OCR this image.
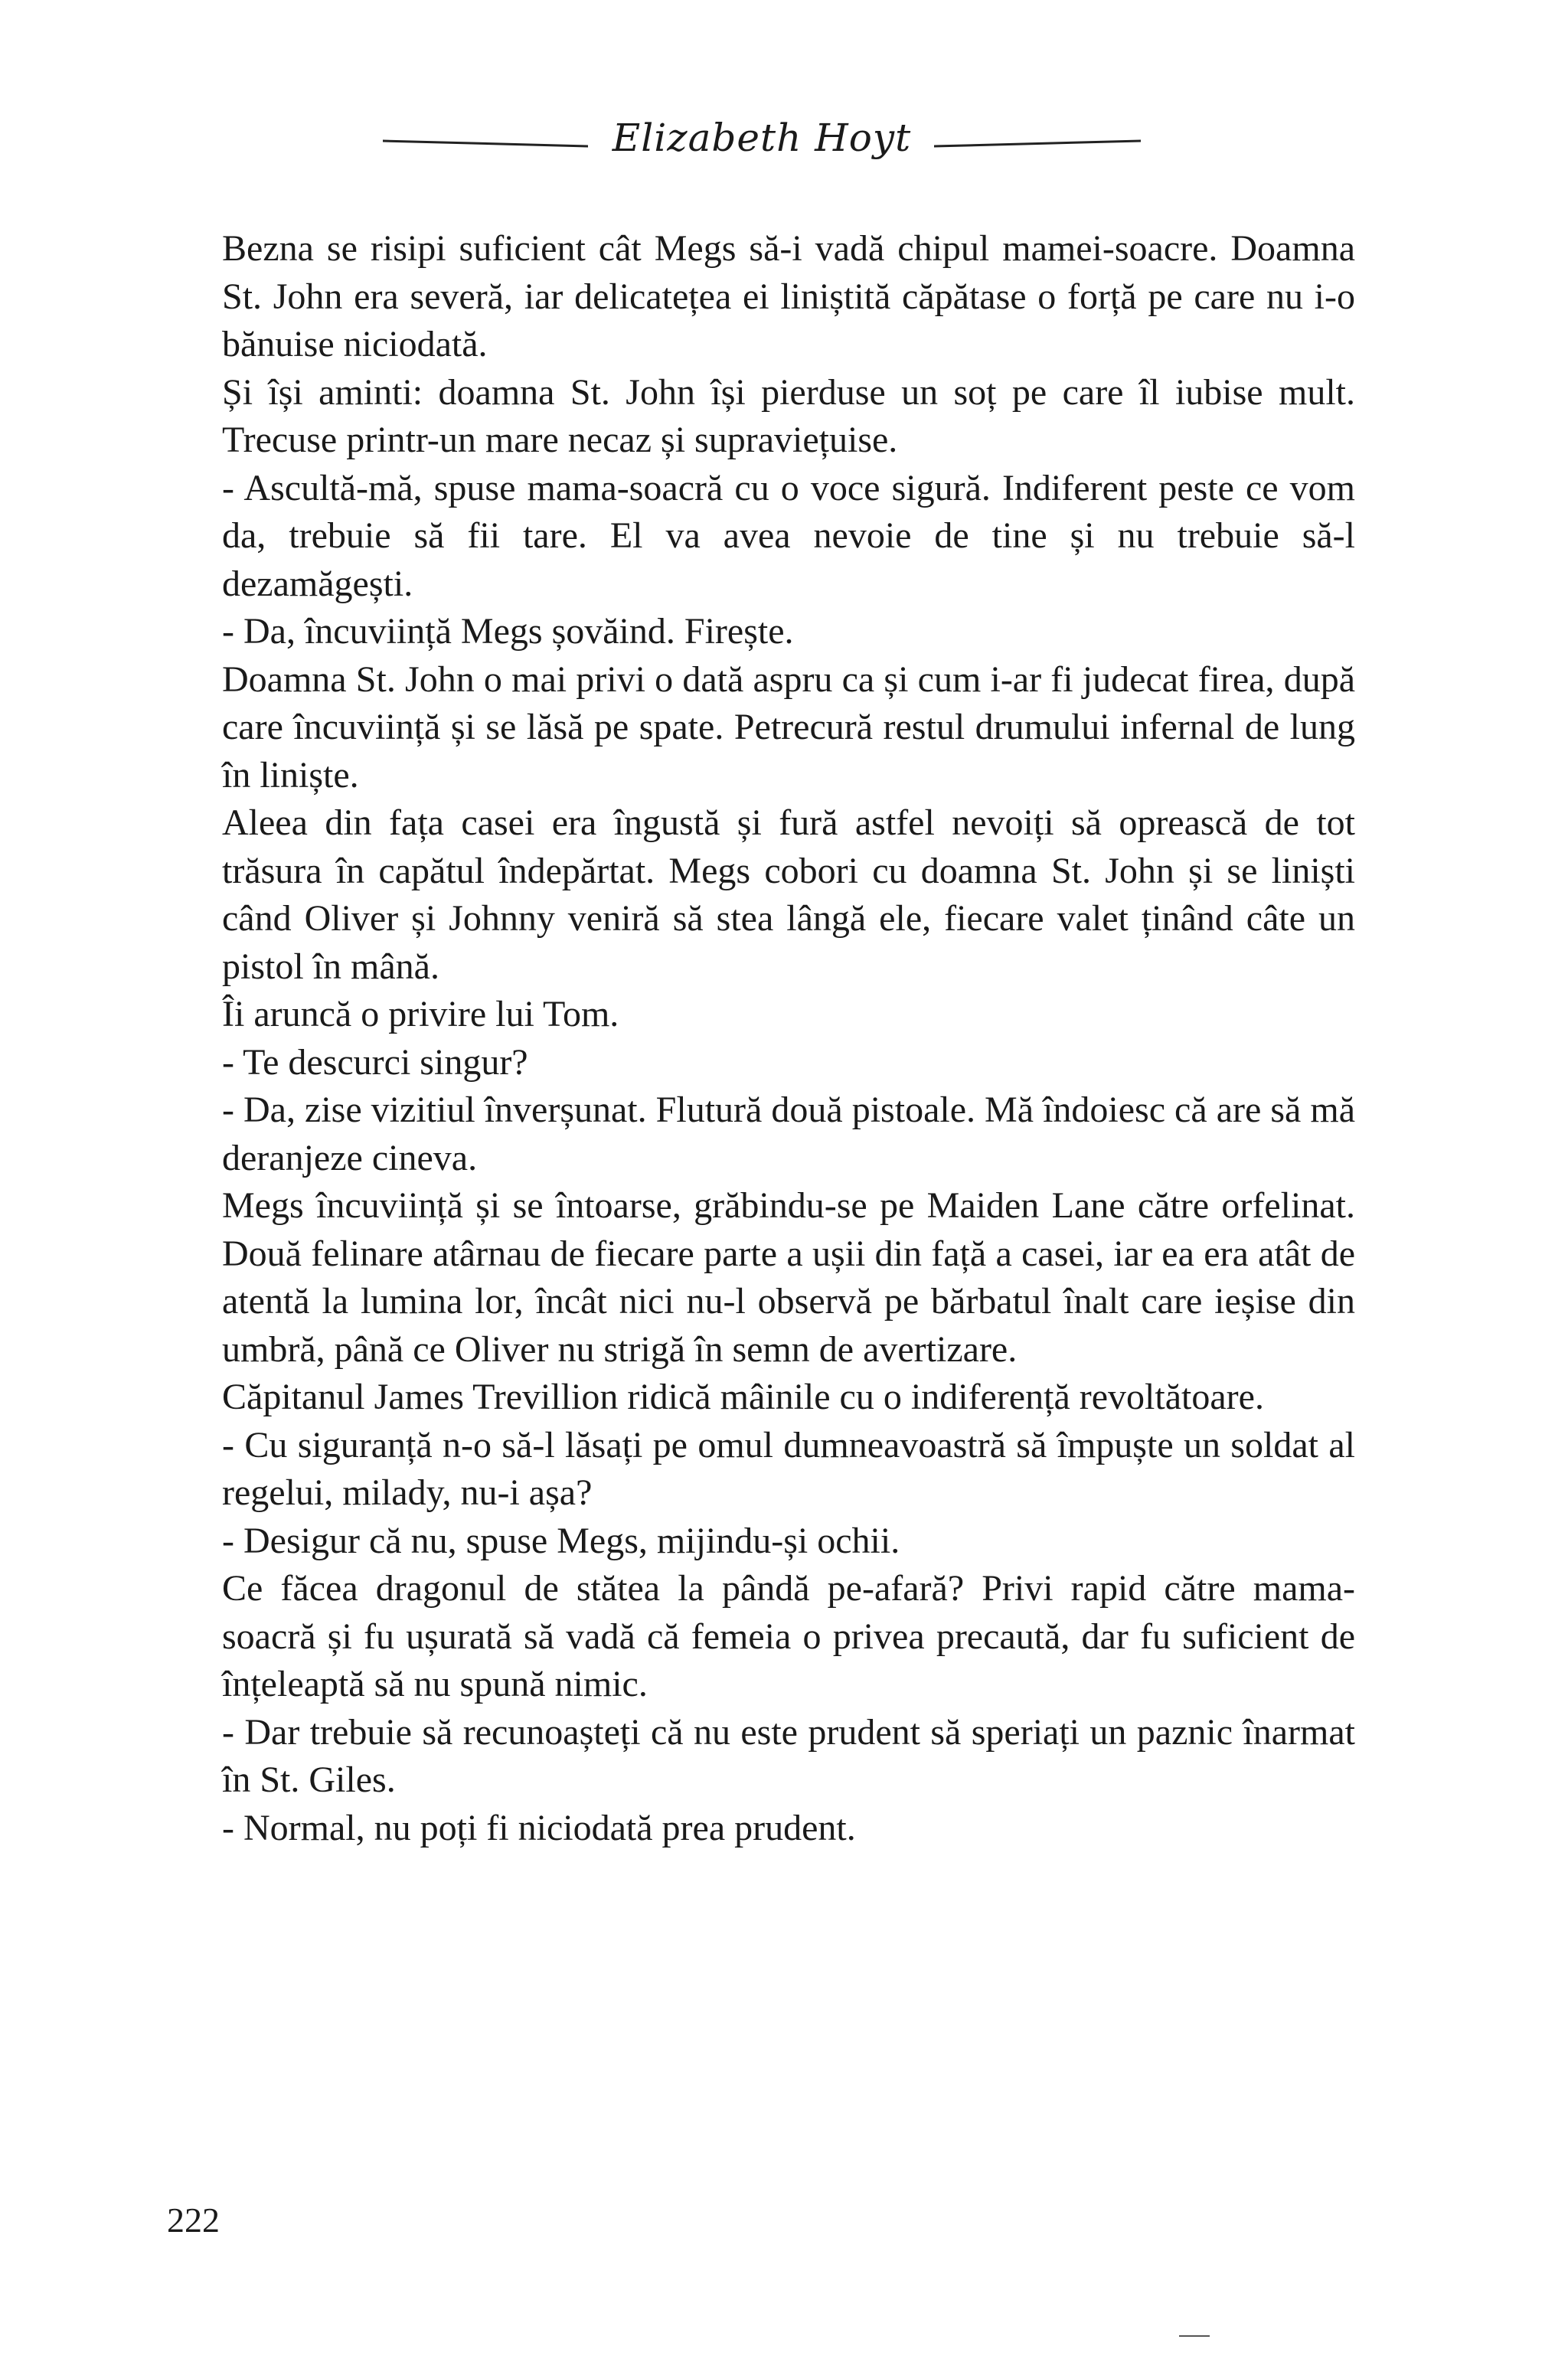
Elizabeth Hoyt

Bezna se risipi suficient cât Megs să-i vadă chipul mamei-soacre. Doamna St. John era severă, iar delicatețea ei liniștită căpătase o forță pe care nu i-o bănuise niciodată.

Și își aminti: doamna St. John își pierduse un soț pe care îl iubise mult. Trecuse printr-un mare necaz și supraviețuise.

- Ascultă-mă, spuse mama-soacră cu o voce sigură. Indiferent peste ce vom da, trebuie să fii tare. El va avea nevoie de tine și nu trebuie să-l dezamăgești.

- Da, încuviință Megs șovăind. Firește.

Doamna St. John o mai privi o dată aspru ca și cum i-ar fi judecat firea, după care încuviință și se lăsă pe spate. Petrecură restul drumului infernal de lung în liniște.

Aleea din fața casei era îngustă și fură astfel nevoiți să oprească de tot trăsura în capătul îndepărtat. Megs cobori cu doamna St. John și se liniști când Oliver și Johnny veniră să stea lângă ele, fiecare valet ținând câte un pistol în mână.

Îi aruncă o privire lui Tom.

- Te descurci singur?

- Da, zise vizitiul înverșunat. Flutură două pistoale. Mă îndoiesc că are să mă deranjeze cineva.

Megs încuviință și se întoarse, grăbindu-se pe Maiden Lane către orfelinat. Două felinare atârnau de fiecare parte a ușii din față a casei, iar ea era atât de atentă la lumina lor, încât nici nu-l observă pe bărbatul înalt care ieșise din umbră, până ce Oliver nu strigă în semn de avertizare.

Căpitanul James Trevillion ridică mâinile cu o indiferență revoltătoare.

- Cu siguranță n-o să-l lăsați pe omul dumneavoastră să împuște un soldat al regelui, milady, nu-i așa?

- Desigur că nu, spuse Megs, mijindu-și ochii.

Ce făcea dragonul de stătea la pândă pe-afară? Privi rapid către mama-soacră și fu ușurată să vadă că femeia o privea precaută, dar fu suficient de înțeleaptă să nu spună nimic.

- Dar trebuie să recunoașteți că nu este prudent să speriați un paznic înarmat în St. Giles.

- Normal, nu poți fi niciodată prea prudent.

222
